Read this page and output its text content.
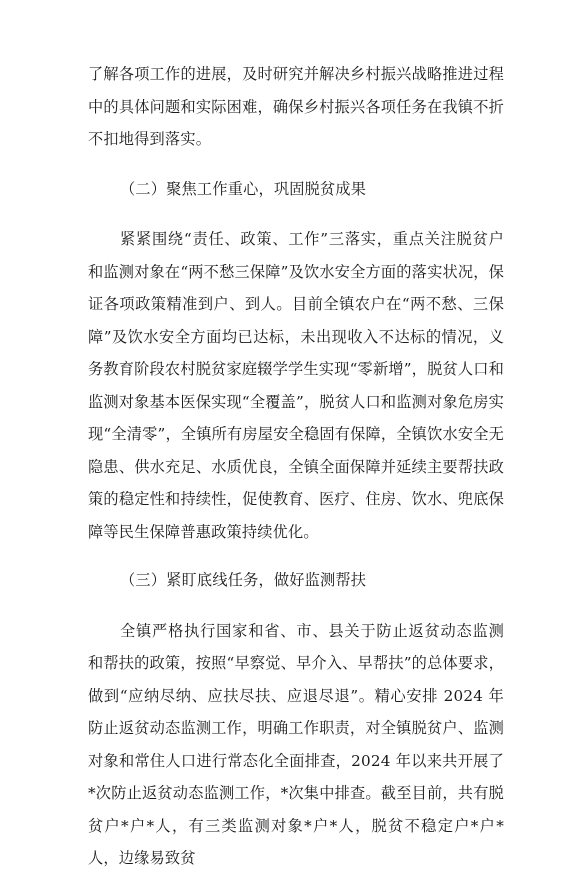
了解各项工作的进展，及时研究并解决乡村振兴战略推进过程中的具体问题和实际困难，确保乡村振兴各项任务在我镇不折不扣地得到落实。

（二）聚焦工作重心，巩固脱贫成果

紧紧围绕“责任、政策、工作”三落实，重点关注脱贫户和监测对象在“两不愁三保障”及饮水安全方面的落实状况，保证各项政策精准到户、到人。目前全镇农户在“两不愁、三保障”及饮水安全方面均已达标，未出现收入不达标的情况，义务教育阶段农村脱贫家庭辍学学生实现“零新增”，脱贫人口和监测对象基本医保实现“全覆盖”，脱贫人口和监测对象危房实现“全清零”，全镇所有房屋安全稳固有保障，全镇饮水安全无隐患、供水充足、水质优良，全镇全面保障并延续主要帮扶政策的稳定性和持续性，促使教育、医疗、住房、饮水、兜底保障等民生保障普惠政策持续优化。

（三）紧盯底线任务，做好监测帮扶

全镇严格执行国家和省、市、县关于防止返贫动态监测和帮扶的政策，按照“早察觉、早介入、早帮扶”的总体要求，做到“应纳尽纳、应扶尽扶、应退尽退”。精心安排 2024 年防止返贫动态监测工作，明确工作职责，对全镇脱贫户、监测对象和常住人口进行常态化全面排查，2024 年以来共开展了*次防止返贫动态监测工作，*次集中排查。截至目前，共有脱贫户*户*人，有三类监测对象*户*人，脱贫不稳定户*户*人，边缘易致贫
